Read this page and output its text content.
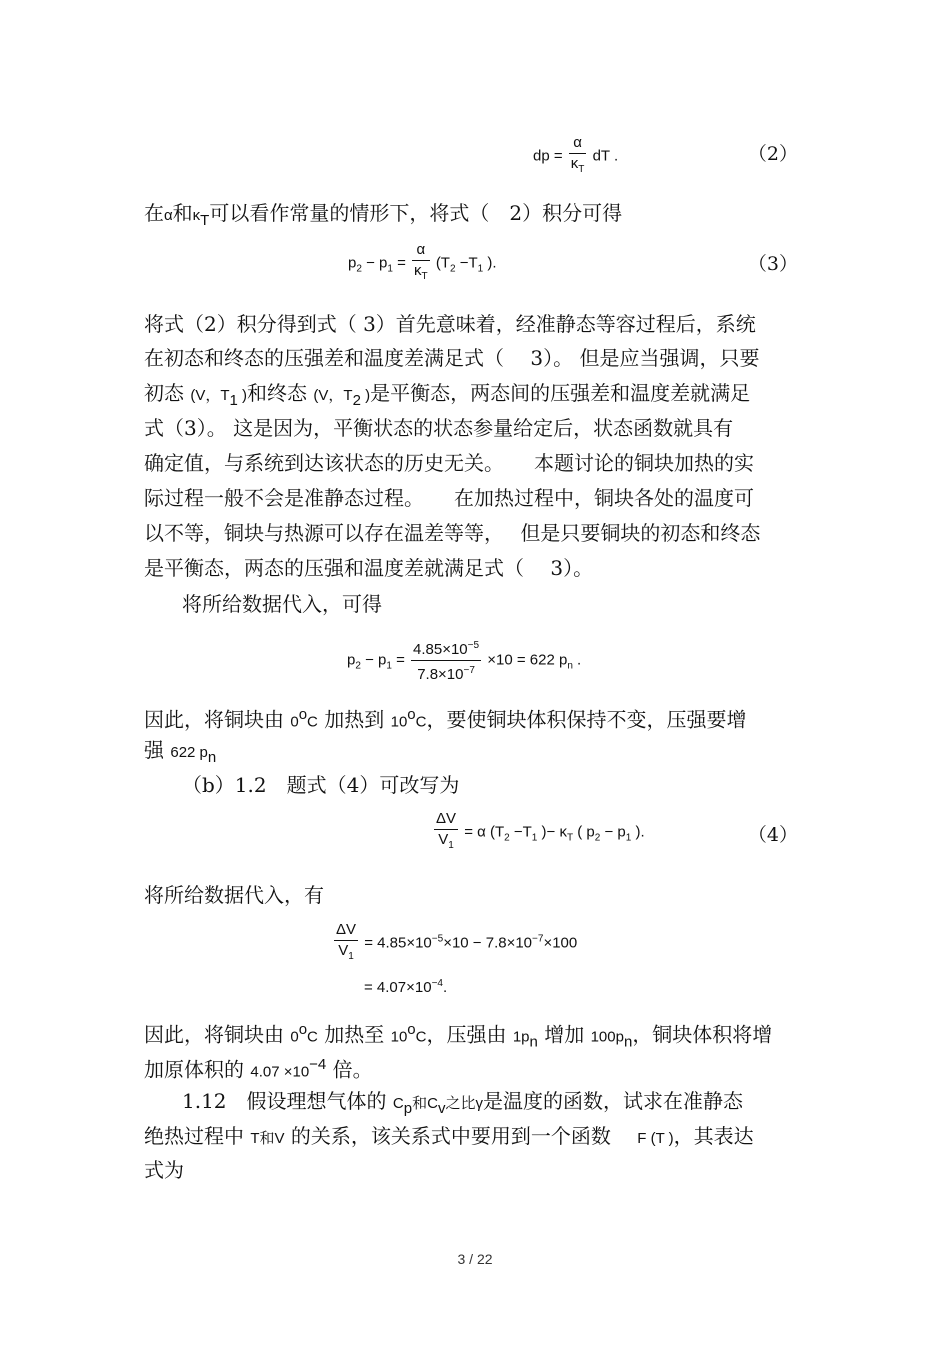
dp = $\frac{\alpha}{\kappa_T}$ dT .	（2）
在α和$\kappa_T$可以看作常量的情形下，将式（　2）积分可得
$p_2 - p_1 = \frac{\alpha}{\kappa_T} (T_2 -T_1$ ).	（3）
将式（2）积分得到式（ 3）首先意味着，经准静态等容过程后，系统
在初态和终态的压强差和温度差满足式（　 3）。 但是应当强调，只要
初态 (V，$T_1$ )和终态 (V，$T_2$ )是平衡态，两态间的压强差和温度差就满足
式（3）。 这是因为，平衡状态的状态参量给定后，状态函数就具有
确定值，与系统到达该状态的历史无关。　　本题讨论的铜块加热的实
际过程一般不会是准静态过程。　　在加热过程中，铜块各处的温度可
以不等，铜块与热源可以存在温差等等，　 但是只要铜块的初态和终态
是平衡态，两态的压强和温度差就满足式（　 3）。
将所给数据代入，可得
$p_2 - p_1 = \frac{4.85\times 10^{-5}}{7.8\times 10^{-7}} \times 10 = 622$ $p_n$ .
因此，将铜块由 0$^o$C 加热到 10$^o$C，要使铜块体积保持不变，压强要增
强 622 $p_n$
（b）1.2　题式（4）可改写为
$\frac{\Delta V}{V_1} = \alpha$ ($T_2 -T_1$ )− $\kappa_T$ ( $p_2 - p_1$ ).	（4）
将所给数据代入，有
$\frac{\Delta V}{V_1} = 4.85\times 10^{-5}\times 10 - 7.8\times 10^{-7}\times 100$
= $4.07\times 10^{-4}$.
因此，将铜块由 0$^o$C 加热至 10$^o$C，压强由 $1p_n$ 增加 $100p_n$，铜块体积将增
加原体积的 $4.07 \times 10^{-4}$ 倍。
1.12　假设理想气体的 $C_p$和$C_v$之比γ是温度的函数，试求在准静态
绝热过程中 T和V 的关系，该关系式中要用到一个函数 　F (T )，其表达
式为
3 / 22
